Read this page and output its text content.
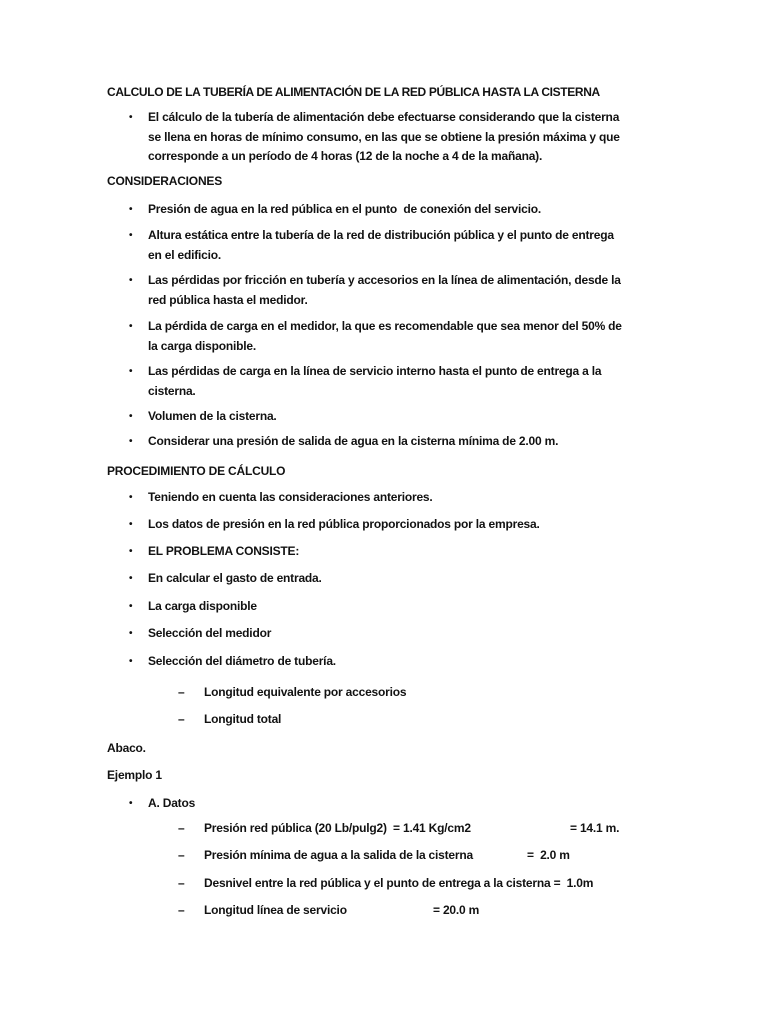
CALCULO DE LA TUBERÍA DE ALIMENTACIÓN DE LA RED PÚBLICA HASTA LA CISTERNA
• El cálculo de la tubería de alimentación debe efectuarse considerando que la cisterna
se llena en horas de mínimo consumo, en las que se obtiene la presión máxima y que
corresponde a un período de 4 horas (12 de la noche a 4 de la mañana).
CONSIDERACIONES
• Presión de agua en la red pública en el punto  de conexión del servicio.
• Altura estática entre la tubería de la red de distribución pública y el punto de entrega
en el edificio.
• Las pérdidas por fricción en tubería y accesorios en la línea de alimentación, desde la
red pública hasta el medidor.
• La pérdida de carga en el medidor, la que es recomendable que sea menor del 50% de
la carga disponible.
• Las pérdidas de carga en la línea de servicio interno hasta el punto de entrega a la
cisterna.
• Volumen de la cisterna.
• Considerar una presión de salida de agua en la cisterna mínima de 2.00 m.
PROCEDIMIENTO DE CÁLCULO
• Teniendo en cuenta las consideraciones anteriores.
• Los datos de presión en la red pública proporcionados por la empresa.
• EL PROBLEMA CONSISTE:
• En calcular el gasto de entrada.
• La carga disponible
• Selección del medidor
• Selección del diámetro de tubería.
– Longitud equivalente por accesorios
– Longitud total
Abaco.
Ejemplo 1
• A. Datos
– Presión red pública (20 Lb/pulg2)  = 1.41 Kg/cm2	= 14.1 m.
– Presión mínima de agua a la salida de la cisterna	=  2.0 m
– Desnivel entre la red pública y el punto de entrega a la cisterna =  1.0m
– Longitud línea de servicio	= 20.0 m
